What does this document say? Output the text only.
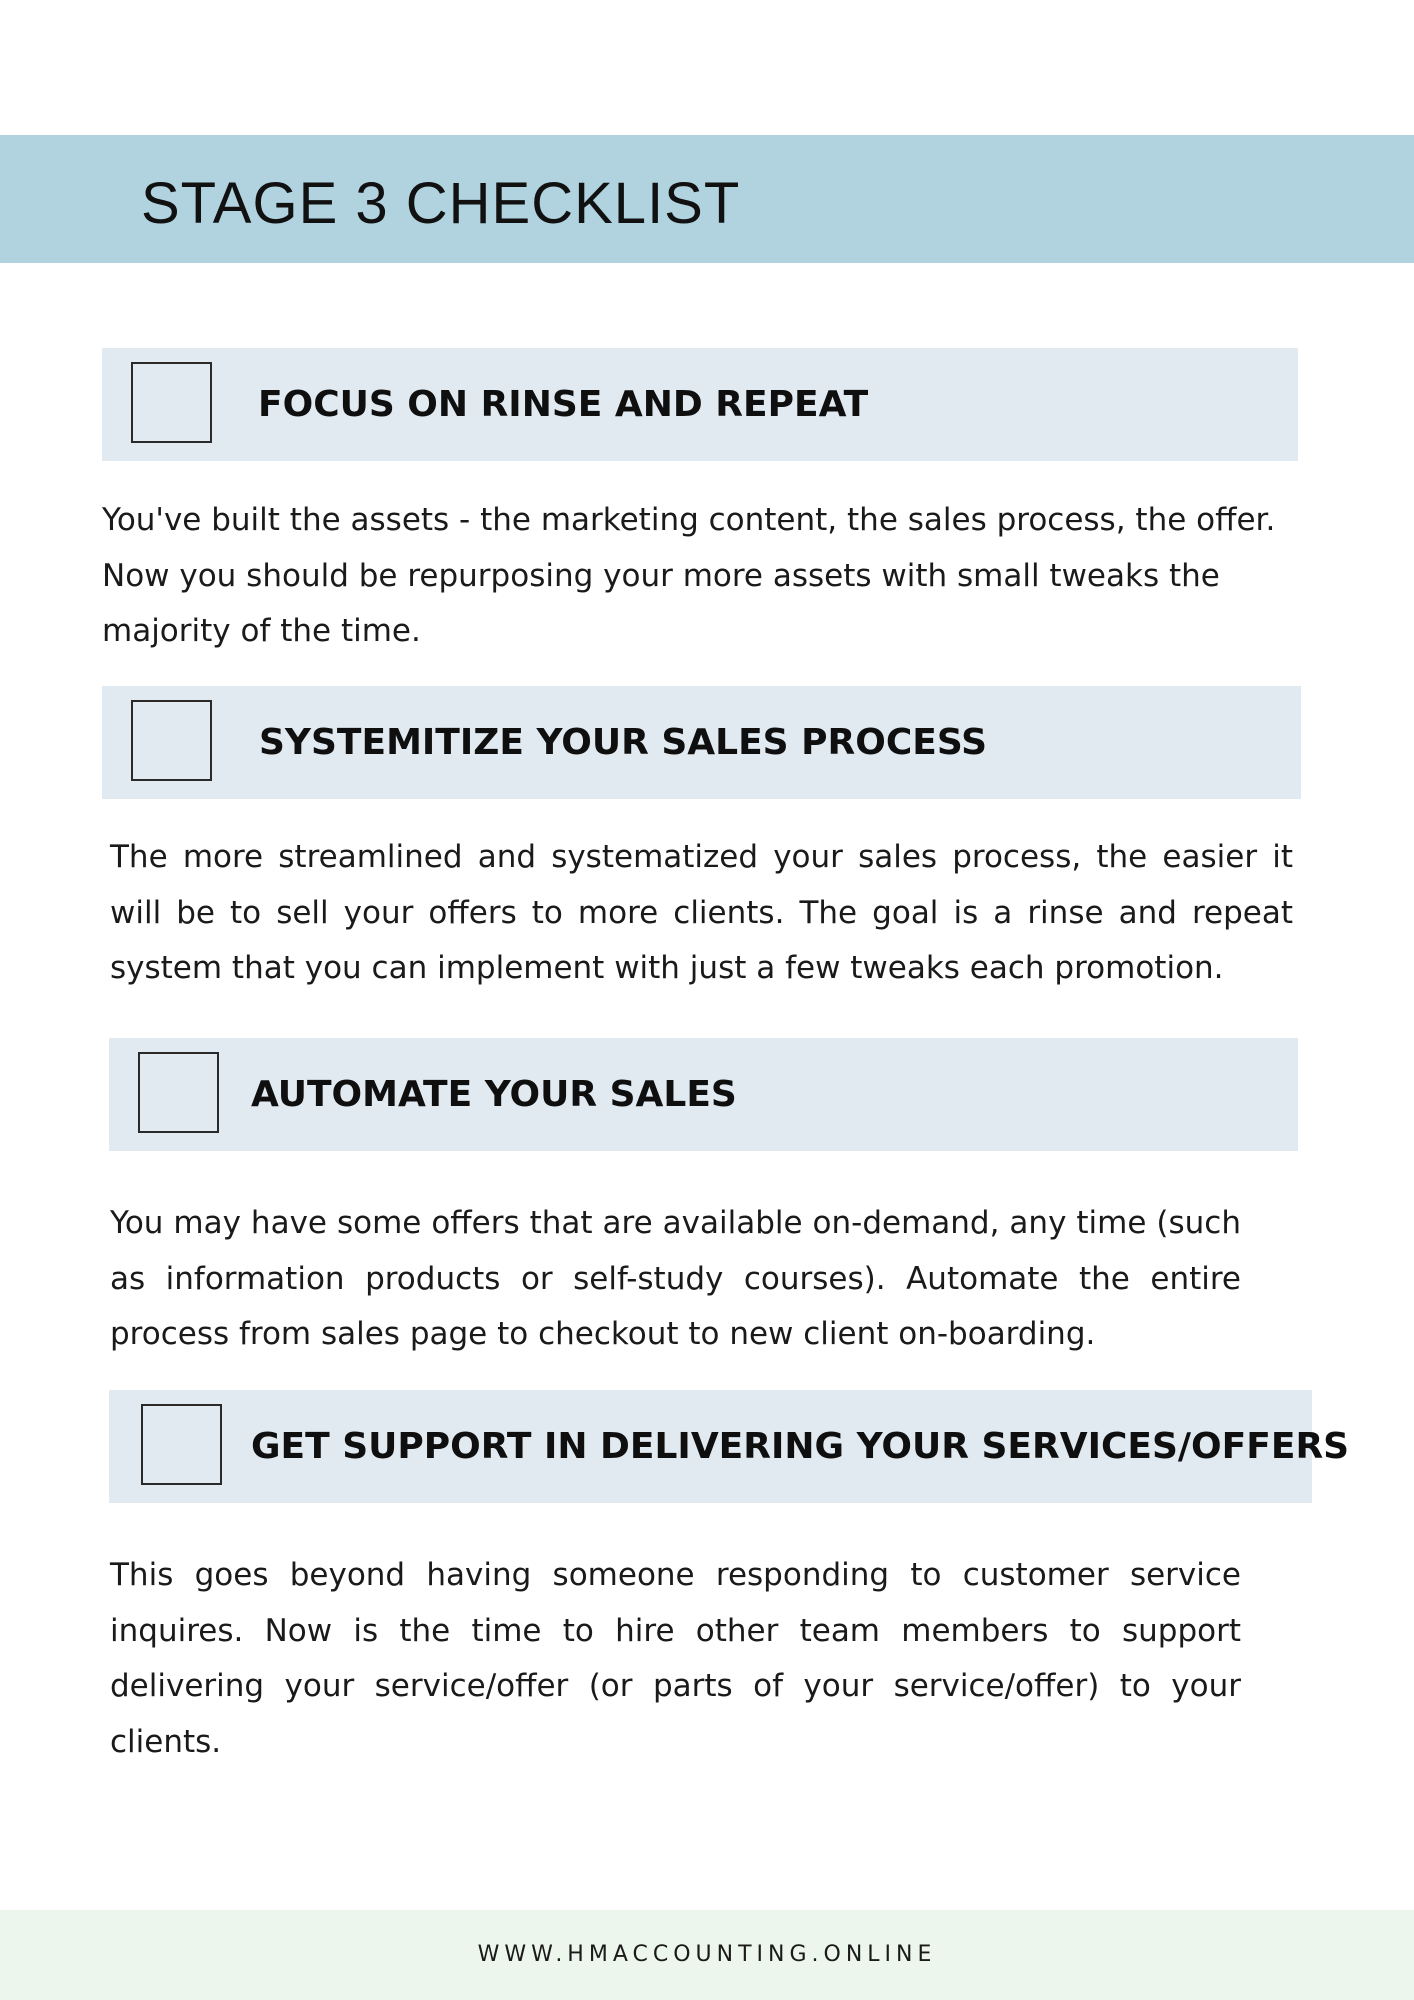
STAGE 3 CHECKLIST
FOCUS ON RINSE AND REPEAT

You've built the assets - the marketing content, the sales process, the offer. Now you should be repurposing your more assets with small tweaks the majority of the time.

SYSTEMITIZE YOUR SALES PROCESS

The more streamlined and systematized your sales process, the easier it will be to sell your offers to more clients. The goal is a rinse and repeat system that you can implement with just a few tweaks each promotion.

AUTOMATE YOUR SALES

You may have some offers that are available on-demand, any time (such as information products or self-study courses). Automate the entire process from sales page to checkout to new client on-boarding.

GET SUPPORT IN DELIVERING YOUR SERVICES/OFFERS

This goes beyond having someone responding to customer service inquires. Now is the time to hire other team members to support delivering your service/offer (or parts of your service/offer) to your clients.

WWW.HMACCOUNTING.ONLINE
